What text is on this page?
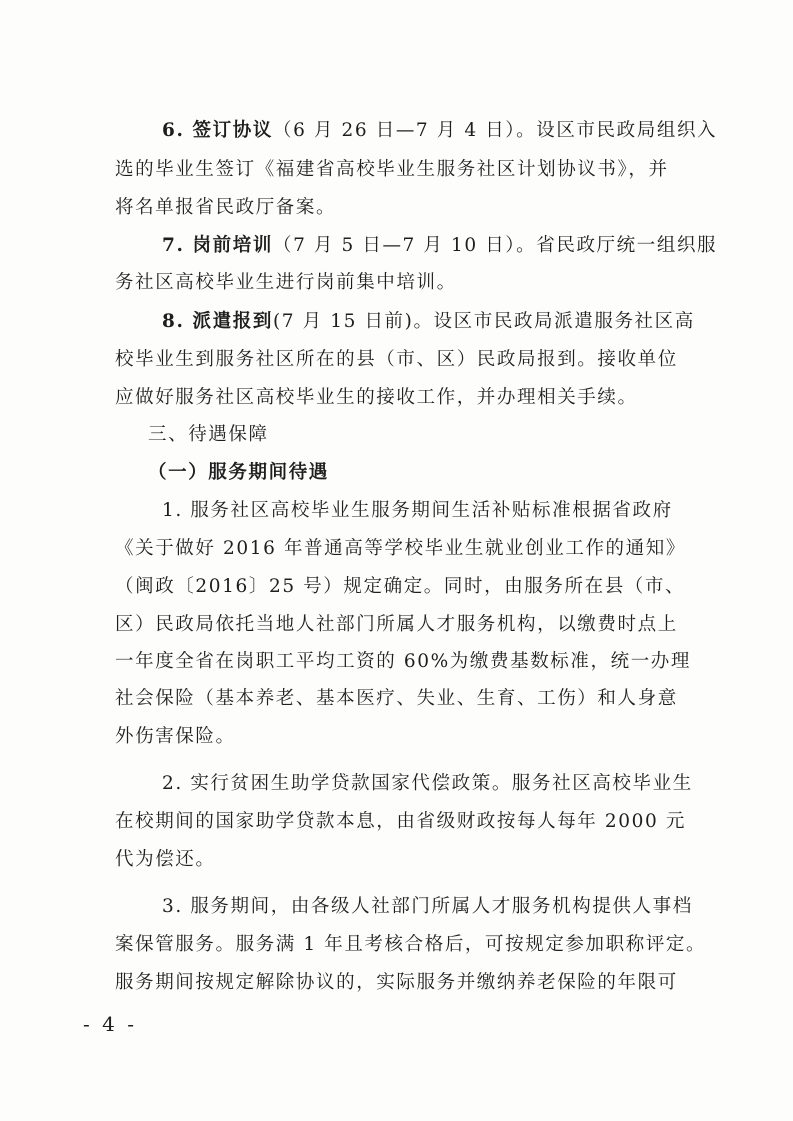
6. 签订协议（6 月 26 日—7 月 4 日）。设区市民政局组织入
选的毕业生签订《福建省高校毕业生服务社区计划协议书》，并
将名单报省民政厅备案。
7. 岗前培训（7 月 5 日—7 月 10 日）。省民政厅统一组织服
务社区高校毕业生进行岗前集中培训。
8. 派遣报到(7 月 15 日前)。设区市民政局派遣服务社区高
校毕业生到服务社区所在的县（市、区）民政局报到。接收单位
应做好服务社区高校毕业生的接收工作，并办理相关手续。
三、待遇保障
（一）服务期间待遇
1. 服务社区高校毕业生服务期间生活补贴标准根据省政府
《关于做好 2016 年普通高等学校毕业生就业创业工作的通知》
（闽政〔2016〕25 号）规定确定。同时，由服务所在县（市、
区）民政局依托当地人社部门所属人才服务机构，以缴费时点上
一年度全省在岗职工平均工资的 60%为缴费基数标准，统一办理
社会保险（基本养老、基本医疗、失业、生育、工伤）和人身意
外伤害保险。
2. 实行贫困生助学贷款国家代偿政策。服务社区高校毕业生
在校期间的国家助学贷款本息，由省级财政按每人每年 2000 元
代为偿还。
3. 服务期间，由各级人社部门所属人才服务机构提供人事档
案保管服务。服务满 1 年且考核合格后，可按规定参加职称评定。
服务期间按规定解除协议的，实际服务并缴纳养老保险的年限可
- 4 -
